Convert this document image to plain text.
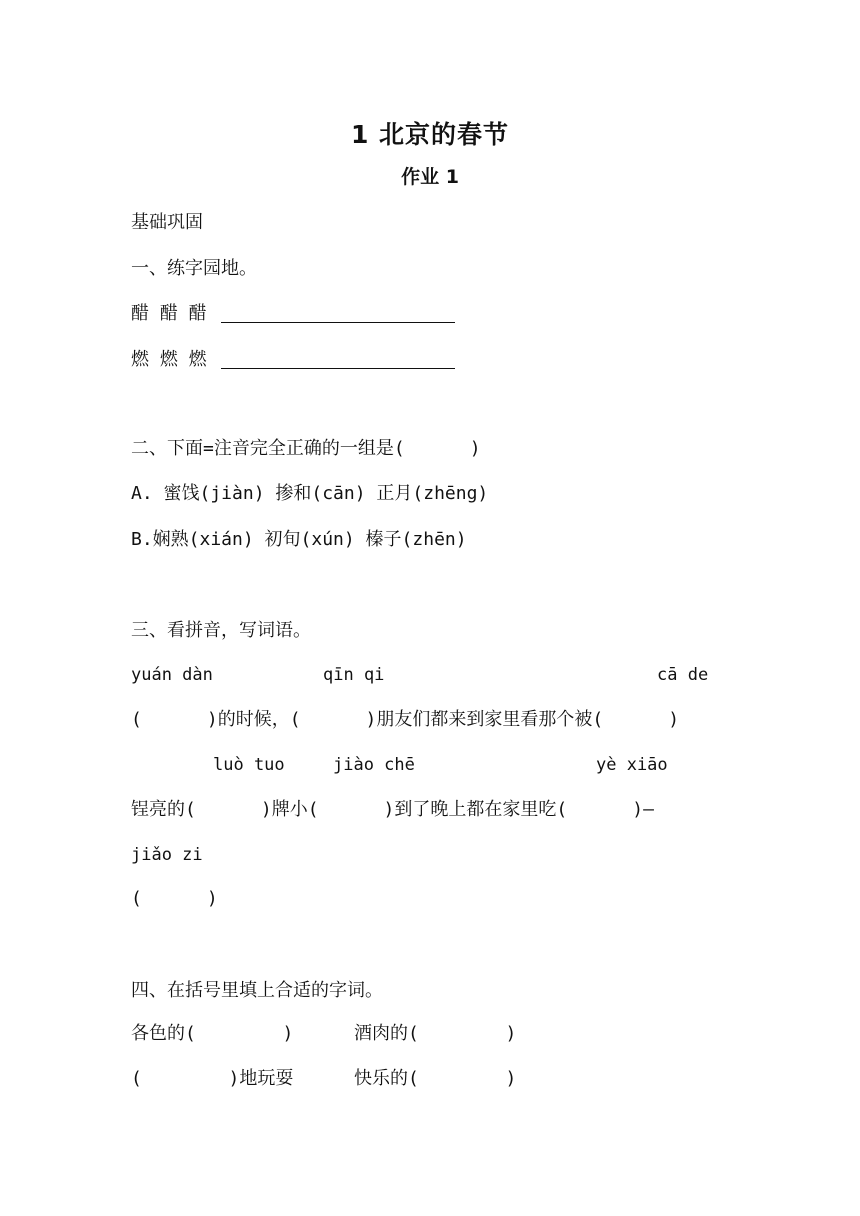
1 北京的春节
作业 1
基础巩固
一、练字园地。
醋 醋 醋
燃 燃 燃
二、下面=注音完全正确的一组是(      )
A. 蜜饯(jiàn) 掺和(cān) 正月(zhēng)
B.娴熟(xián) 初旬(xún) 榛子(zhēn)
三、看拼音，写词语。
yuán dàn	qīn qi	cā de
(      )的时候，(      )朋友们都来到家里看那个被(      )
luò tuo	jiào chē	yè xiāo
锃亮的(      )牌小(      )到了晚上都在家里吃(      )—
jiǎo zi
(      )
四、在括号里填上合适的字词。
各色的(        )	酒肉的(        )
(        )地玩耍	快乐的(        )
